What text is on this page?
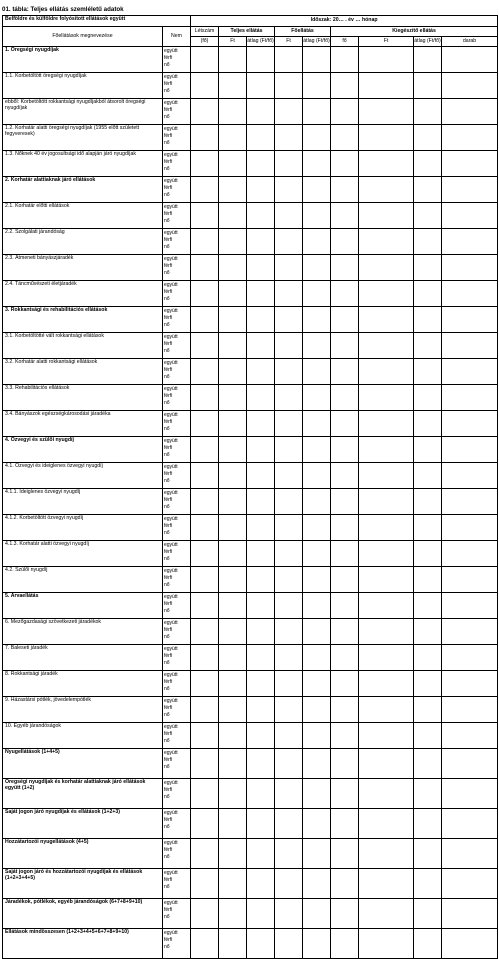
01. tábla: Teljes ellátás szemléletű adatok
Belföldre és külföldre folyósított ellátások együtt		Időszak: 20… . év … hónap								
Főellátások megnevezése	Nem	Létszám	Teljes ellátás		Főellátás		Kiegészítő ellátás			
		(fő)	Ft	átlag (Ft/fő)	Ft	átlag (Ft/fő)	fő	Ft	átlag (Ft/fő)	darab

1. Öregségi nyugdíjak	együtt
férfi
nő									

1.1. Korbetöltött öregségi nyugdíjak	együtt
férfi
nő									

ebből: Korbetöltött rokkantsági nyugdíjakból átsorolt öregségi nyugdíjak	együtt
férfi
nő									

1.2. Korhatár alatti öregségi nyugdíjak (1955 előtt született fegyveresek)	együtt
férfi
nő									

1.3. Nőknek 40 év jogosultsági idő alapján járó nyugdíjak	együtt
férfi
nő									

2. Korhatár alattiaknak járó ellátások	együtt
férfi
nő									

2.1. Korhatár előtti ellátások	együtt
férfi
nő									

2.2. Szolgálati járandóság	együtt
férfi
nő									

2.3. Átmeneti bányászjáradék	együtt
férfi
nő									

2.4. Táncművészeti életjáradék	együtt
férfi
nő									

3. Rokkantsági és rehabilitációs ellátások	együtt
férfi
nő									

3.1. Korbetöltötté vált rokkantsági ellátások	együtt
férfi
nő									

3.2. Korhatár alatti rokkantsági ellátások	együtt
férfi
nő									

3.3. Rehabilitációs ellátások	együtt
férfi
nő									

3.4. Bányászok egészségkárosodási járadéka	együtt
férfi
nő									

4. Özvegyi és szülői nyugdíj	együtt
férfi
nő									

4.1. Özvegyi és ideiglenes özvegyi nyugdíj	együtt
férfi
nő									

4.1.1. Ideiglenes özvegyi nyugdíj	együtt
férfi
nő									

4.1.2. Korbetöltött özvegyi nyugdíj	együtt
férfi
nő									

4.1.3. Korhatár alatti özvegyi nyugdíj	együtt
férfi
nő									

4.2. Szülői nyugdíj	együtt
férfi
nő									

5. Árvaellátás	együtt
férfi
nő									

6. Mezőgazdasági szövetkezeti járadékok	együtt
férfi
nő									

7. Baleseti járadék	együtt
férfi
nő									

8. Rokkantsági járadék	együtt
férfi
nő									

9. Házastársi pótlék, jövedelempótlék	együtt
férfi
nő									

10. Egyéb járandóságok	együtt
férfi
nő									

Nyugellátások (1+4+5)	együtt
férfi
nő									

Öregségi nyugdíjak és korhatár alattiaknak járó ellátások együtt (1+2)	együtt
férfi
nő									

Saját jogon járó nyugdíjak és ellátások (1+2+3)	együtt
férfi
nő									

Hozzátartozói nyugellátások (4+5)	együtt
férfi
nő									

Saját jogon járó és hozzátartozói nyugdíjak és ellátások (1+2+3+4+5)	együtt
férfi
nő									

Járadékok, pótlékok, egyéb járandóságok (6+7+8+9+10)	együtt
férfi
nő									

Ellátások mindösszesen (1+2+3+4+5+6+7+8+9+10)	együtt
férfi
nő									
